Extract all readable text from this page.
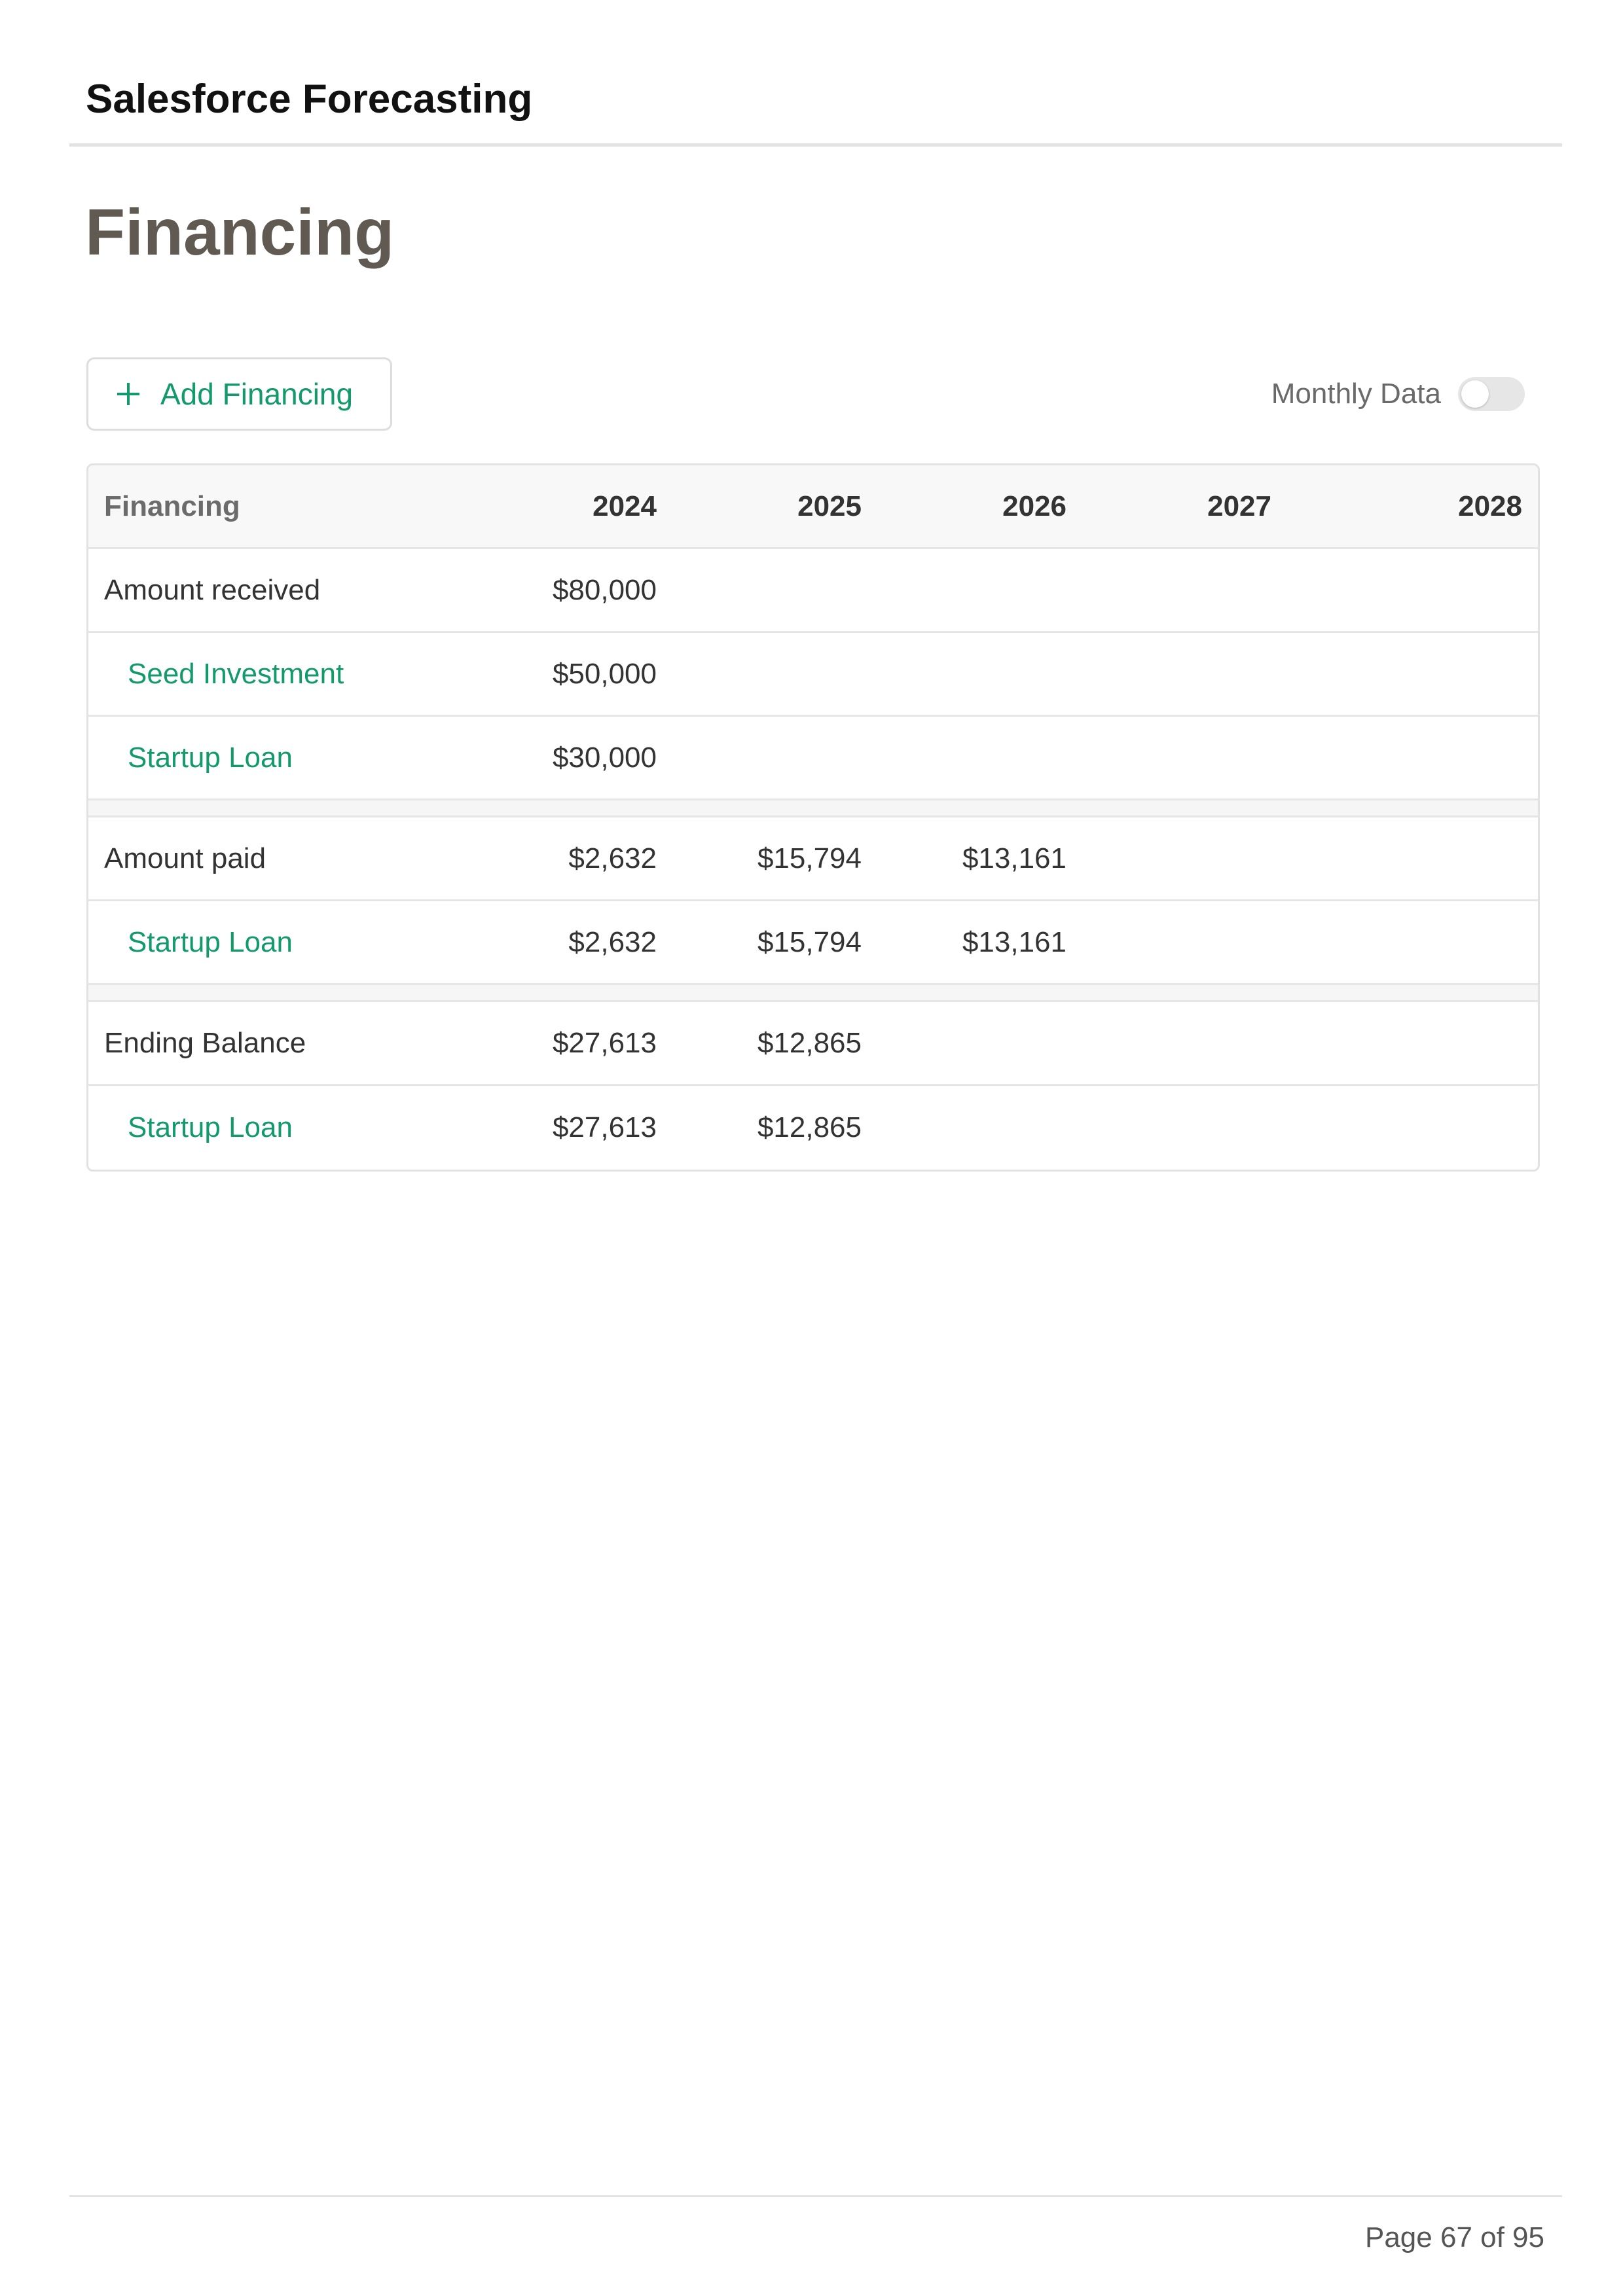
Salesforce Forecasting
Financing
Add Financing	Monthly Data
Financing	2024	2025	2026	2027	2028
Amount received	$80,000
Seed Investment	$50,000
Startup Loan	$30,000
Amount paid	$2,632	$15,794	$13,161
Startup Loan	$2,632	$15,794	$13,161
Ending Balance	$27,613	$12,865
Startup Loan	$27,613	$12,865
Page 67 of 95
